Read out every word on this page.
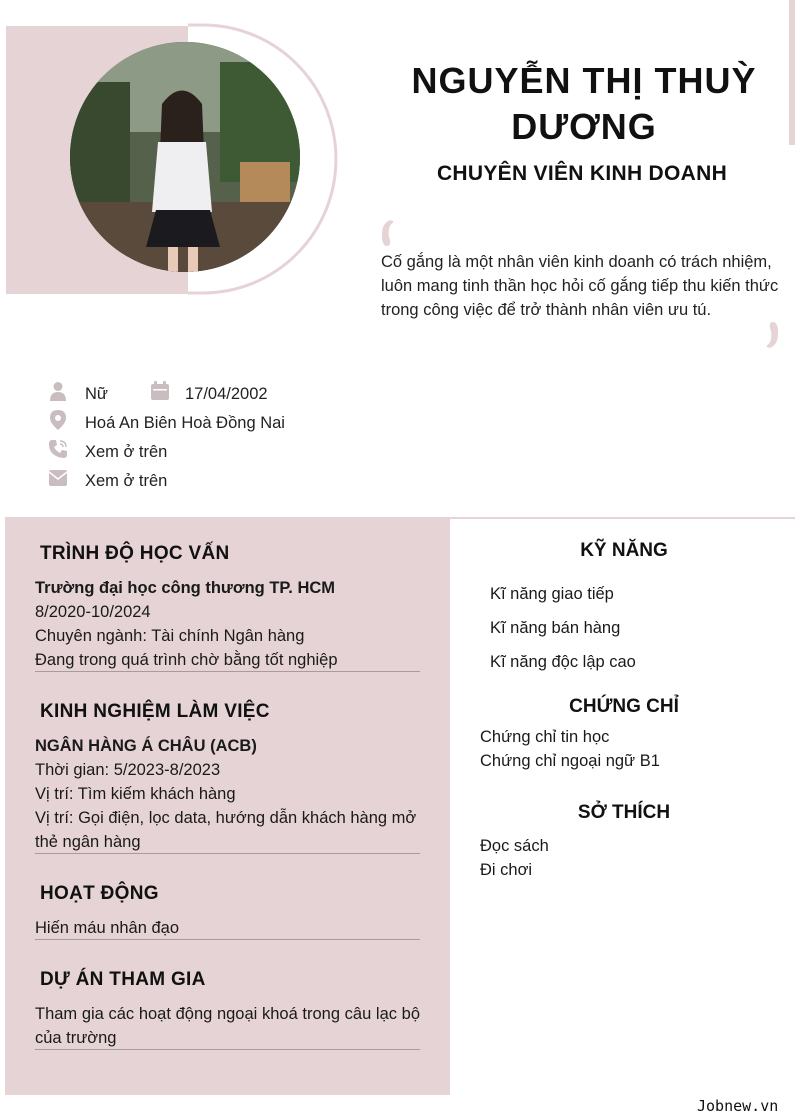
NGUYỄN THỊ THUỲ DƯƠNG
CHUYÊN VIÊN KINH DOANH
Cố gắng là một nhân viên kinh doanh có trách nhiệm, luôn mang tinh thần học hỏi cố gắng tiếp thu kiến thức trong công việc để trở thành nhân viên ưu tú.
Nữ	17/04/2002
Hoá An Biên Hoà Đồng Nai
Xem ở trên
Xem ở trên
TRÌNH ĐỘ HỌC VẤN
Trường đại học công thương TP. HCM
8/2020-10/2024
Chuyên ngành: Tài chính Ngân hàng
Đang trong quá trình chờ bằng tốt nghiệp
KINH NGHIỆM LÀM VIỆC
NGÂN HÀNG Á CHÂU (ACB)
Thời gian: 5/2023-8/2023
Vị trí: Tìm kiếm khách hàng
Vị trí: Gọi điện, lọc data, hướng dẫn khách hàng mở thẻ ngân hàng
HOẠT ĐỘNG
Hiến máu nhân đạo
DỰ ÁN THAM GIA
Tham gia các hoạt động ngoại khoá trong câu lạc bộ của trường
KỸ NĂNG
Kĩ năng giao tiếp
Kĩ năng bán hàng
Kĩ năng độc lập cao
CHỨNG CHỈ
Chứng chỉ tin học
Chứng chỉ ngoại ngữ B1
SỞ THÍCH
Đọc sách
Đi chơi
Jobnew.vn
